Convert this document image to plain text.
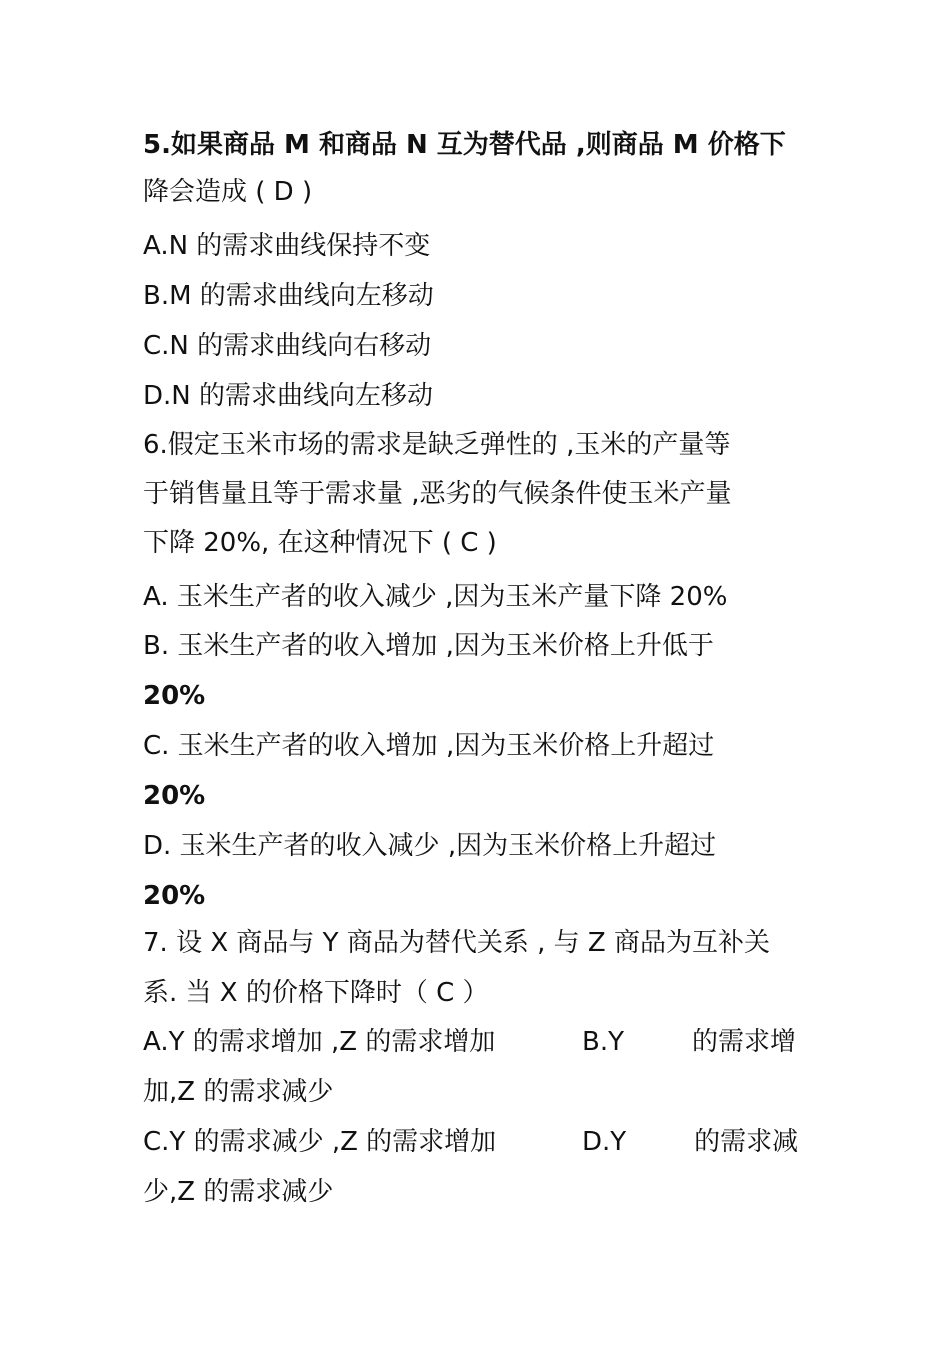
5.如果商品 M 和商品 N 互为替代品 ,则商品 M 价格下
降会造成 ( D )
A.N 的需求曲线保持不变
B.M 的需求曲线向左移动
C.N 的需求曲线向右移动
D.N 的需求曲线向左移动
6.假定玉米市场的需求是缺乏弹性的 ,玉米的产量等
于销售量且等于需求量 ,恶劣的气候条件使玉米产量
下降 20%, 在这种情况下 ( C )
A. 玉米生产者的收入减少 ,因为玉米产量下降 20%
B. 玉米生产者的收入增加 ,因为玉米价格上升低于
20%
C. 玉米生产者的收入增加 ,因为玉米价格上升超过
20%
D. 玉米生产者的收入减少 ,因为玉米价格上升超过
20%
7. 设 X 商品与 Y 商品为替代关系 , 与 Z 商品为互补关
系. 当 X 的价格下降时（ C ）
A.Y 的需求增加 ,Z 的需求增加	B.Y	的需求增
加,Z 的需求减少
C.Y 的需求减少 ,Z 的需求增加	D.Y	的需求减
少,Z 的需求减少
